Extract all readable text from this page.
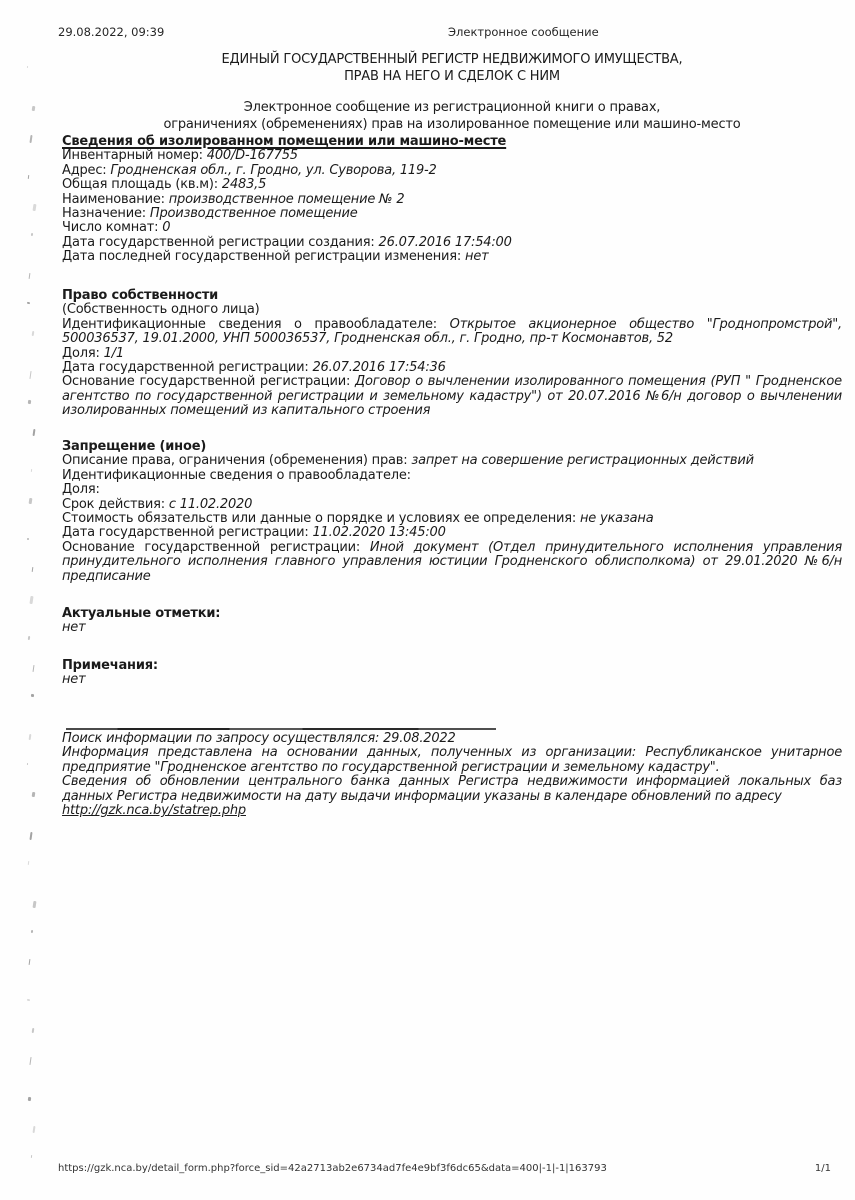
29.08.2022, 09:39	Электронное сообщение
ЕДИНЫЙ ГОСУДАРСТВЕННЫЙ РЕГИСТР НЕДВИЖИМОГО ИМУЩЕСТВА,
ПРАВ НА НЕГО И СДЕЛОК С НИМ
Электронное сообщение из регистрационной книги о правах,
ограничениях (обременениях) прав на изолированное помещение или машино-место
Сведения об изолированном помещении или машино-месте
Инвентарный номер: 400/D-167755
Адрес: Гродненская обл., г. Гродно, ул. Суворова, 119-2
Общая площадь (кв.м): 2483,5
Наименование: производственное помещение № 2
Назначение: Производственное помещение
Число комнат: 0
Дата государственной регистрации создания: 26.07.2016 17:54:00
Дата последней государственной регистрации изменения: нет
Право собственности
(Собственность одного лица)
Идентификационные сведения о правообладателе: Открытое акционерное общество "Гроднопромстрой", 500036537, 19.01.2000, УНП 500036537, Гродненская обл., г. Гродно, пр-т Космонавтов, 52
Доля: 1/1
Дата государственной регистрации: 26.07.2016 17:54:36
Основание государственной регистрации: Договор о вычленении изолированного помещения (РУП " Гродненское агентство по государственной регистрации и земельному кадастру") от 20.07.2016 №6/н договор о вычленении изолированных помещений из капитального строения
Запрещение (иное)
Описание права, ограничения (обременения) прав: запрет на совершение регистрационных действий
Идентификационные сведения о правообладателе:
Доля:
Срок действия: с 11.02.2020
Стоимость обязательств или данные о порядке и условиях ее определения: не указана
Дата государственной регистрации: 11.02.2020 13:45:00
Основание государственной регистрации: Иной документ (Отдел принудительного исполнения управления принудительного исполнения главного управления юстиции Гродненского облисполкома) от 29.01.2020 №6/н предписание
Актуальные отметки:
нет
Примечания:
нет
Поиск информации по запросу осуществлялся: 29.08.2022
Информация представлена на основании данных, полученных из организации: Республиканское унитарное предприятие "Гродненское агентство по государственной регистрации и земельному кадастру".
Сведения об обновлении центрального банка данных Регистра недвижимости информацией локальных баз данных Регистра недвижимости на дату выдачи информации указаны в календаре обновлений по адресу
http://gzk.nca.by/statrep.php
https://gzk.nca.by/detail_form.php?force_sid=42a2713ab2e6734ad7fe4e9bf3f6dc65&data=400|-1|-1|163793	1/1
